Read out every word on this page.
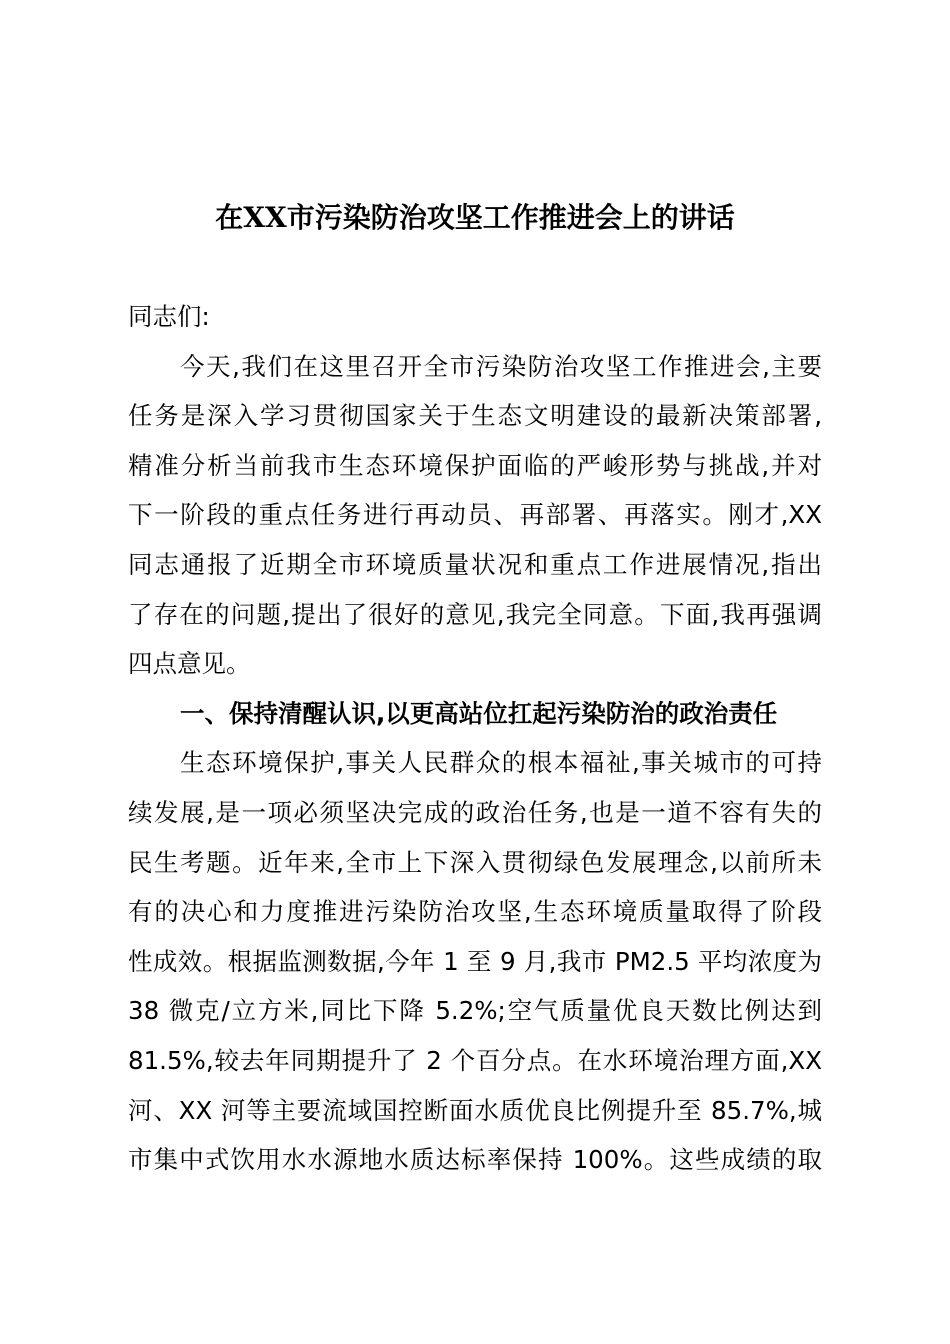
在XX市污染防治攻坚工作推进会上的讲话
同志们:
今天,我们在这里召开全市污染防治攻坚工作推进会,主要
任务是深入学习贯彻国家关于生态文明建设的最新决策部署,
精准分析当前我市生态环境保护面临的严峻形势与挑战,并对
下一阶段的重点任务进行再动员、再部署、再落实。刚才,XX
同志通报了近期全市环境质量状况和重点工作进展情况,指出
了存在的问题,提出了很好的意见,我完全同意。下面,我再强调
四点意见。
一、保持清醒认识,以更高站位扛起污染防治的政治责任
生态环境保护,事关人民群众的根本福祉,事关城市的可持
续发展,是一项必须坚决完成的政治任务,也是一道不容有失的
民生考题。近年来,全市上下深入贯彻绿色发展理念,以前所未
有的决心和力度推进污染防治攻坚,生态环境质量取得了阶段
性成效。根据监测数据,今年 1 至 9 月,我市 PM2.5 平均浓度为
38 微克/立方米,同比下降 5.2%;空气质量优良天数比例达到
81.5%,较去年同期提升了 2 个百分点。在水环境治理方面,XX
河、XX 河等主要流域国控断面水质优良比例提升至 85.7%,城
市集中式饮用水水源地水质达标率保持 100%。这些成绩的取
